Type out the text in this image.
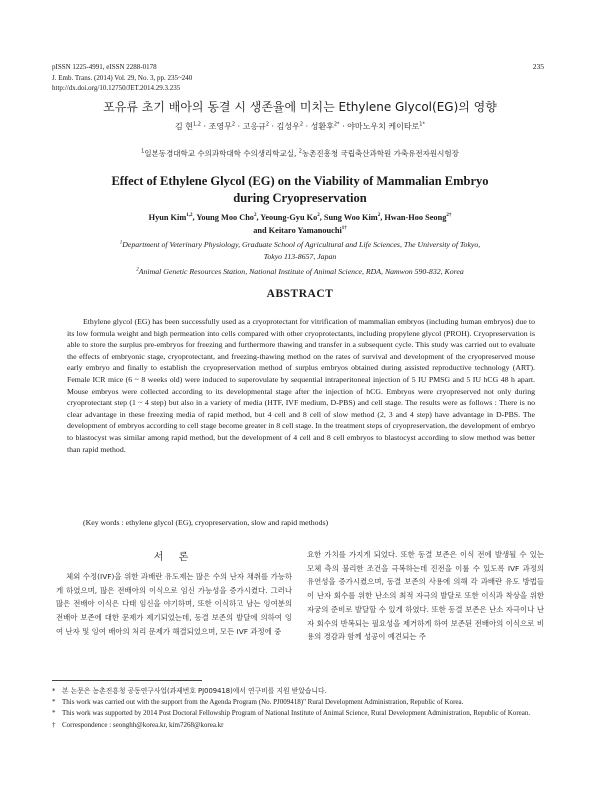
pISSN 1225-4991, eISSN 2288-0178
J. Emb. Trans. (2014) Vol. 29, No. 3, pp. 235~240
http://dx.doi.org/10.12750/JET.2014.29.3.235
235
포유류 초기 배아의 동결 시 생존율에 미치는 Ethylene Glycol(EG)의 영향
김 현$^{1,2}$ · 조영무$^2$ · 고응규$^2$ · 김성우$^2$ · 성환후$^{2*}$ · 야마노우치 케이타로$^{1*}$
$^1$일본동경대학교 수의과학대학 수의생리학교실, $^2$농촌진흥청 국립축산과학원 가축유전자원시험장
Effect of Ethylene Glycol (EG) on the Viability of Mammalian Embryo
during Cryopreservation
Hyun Kim$^{1,2}$, Young Moo Cho$^2$, Yeoung-Gyu Ko$^2$, Sung Woo Kim$^2$, Hwan-Hoo Seong$^{2\dagger}$
and Keitaro Yamanouchi$^{1\dagger}$
$^1$Department of Veterinary Physiology, Graduate School of Agricultural and Life Sciences, The University of Tokyo,
Tokyo 113-8657, Japan
$^2$Animal Genetic Resources Station, National Institute of Animal Science, RDA, Namwon 590-832, Korea
ABSTRACT

Ethylene glycol (EG) has been successfully used as a cryoprotectant for vitrification of mammalian embryos (including human embryos) due to its low formula weight and high permeation into cells compared with other cryoprotectants, including propylene glycol (PROH). Cryopreservation is able to store the surplus pre-embryos for freezing and furthermore thawing and transfer in a subsequent cycle. This study was carried out to evaluate the effects of embryonic stage, cryoprotectant, and freezing-thawing method on the rates of survival and development of the cryopreserved mouse early embryo and finally to establish the cryopreservation method of surplus embryos obtained during assisted reproductive technology (ART). Female ICR mice (6 ~ 8 weeks old) were induced to superovulate by sequential intraperitoneal injection of 5 IU PMSG and 5 IU hCG 48 h apart. Mouse embryos were collected according to its developmental stage after the injection of hCG. Embryos were cryopreserved not only during cryoprotectant step (1 ~ 4 step) but also in a variety of media (HTF, IVF medium, D-PBS) and cell stage. The results were as follows : There is no clear advantage in these freezing media of rapid method, but 4 cell and 8 cell of slow method (2, 3 and 4 step) have advantage in D-PBS. The development of embryos according to cell stage become greater in 8 cell stage. In the treatment steps of cryopreservation, the development of embryo to blastocyst was similar among rapid method, but the development of 4 cell and 8 cell embryos to blastocyst according to slow method was better than rapid method.

(Key words : ethylene glycol (EG), cryopreservation, slow and rapid methods)
서 론

체외 수정(IVF)을 위한 과배란 유도제는 많은 수의 난자 채취를 가능하게 하였으며, 많은 전배아의 이식으로 임신 가능성을 증가시켰다. 그러나 많은 전배아 이식은 다태 임신을 야기하며, 또한 이식하고 남는 잉여분의 전배아 보존에 대한 문제가 제기되었는데, 동결 보존의 발달에 의하여 잉여 난자 및 잉여 배아의 처리 문제가 해결되었으며, 모든 IVF 과정에 중

요한 가치를 가지게 되었다. 또한 동결 보존은 이식 전에 발생될 수 있는 모체 측의 불리한 조건을 극복하는데 진전을 이룰 수 있도록 IVF 과정의 유연성을 증가시켰으며, 동결 보존의 사용에 의해 각 과배란 유도 방법들이 난자 회수를 위한 난소의 최적 자극의 발달로 또한 이식과 착상을 위한 자궁의 준비로 발달할 수 있게 하였다. 또한 동결 보존은 난소 자극이나 난자 회수의 반복되는 필요성을 제거하게 하여 보존된 전배아의 이식으로 비용의 경감과 함께 성공이 예견되는 주

* 본 논문은 농촌진흥청 공동연구사업(과제번호 PJ009418)에서 연구비를 지원 받았습니다.
* This work was carried out with the support from the Agenda Program (No. PJ009418)" Rural Development Administration, Republic of Korea.
* This work was supported by 2014 Post Doctoral Fellowship Program of National Institute of Animal Science, Rural Development Administration, Republic of Korean.
† Correspondence : seonghh@korea.kr, kim7268@korea.kr
